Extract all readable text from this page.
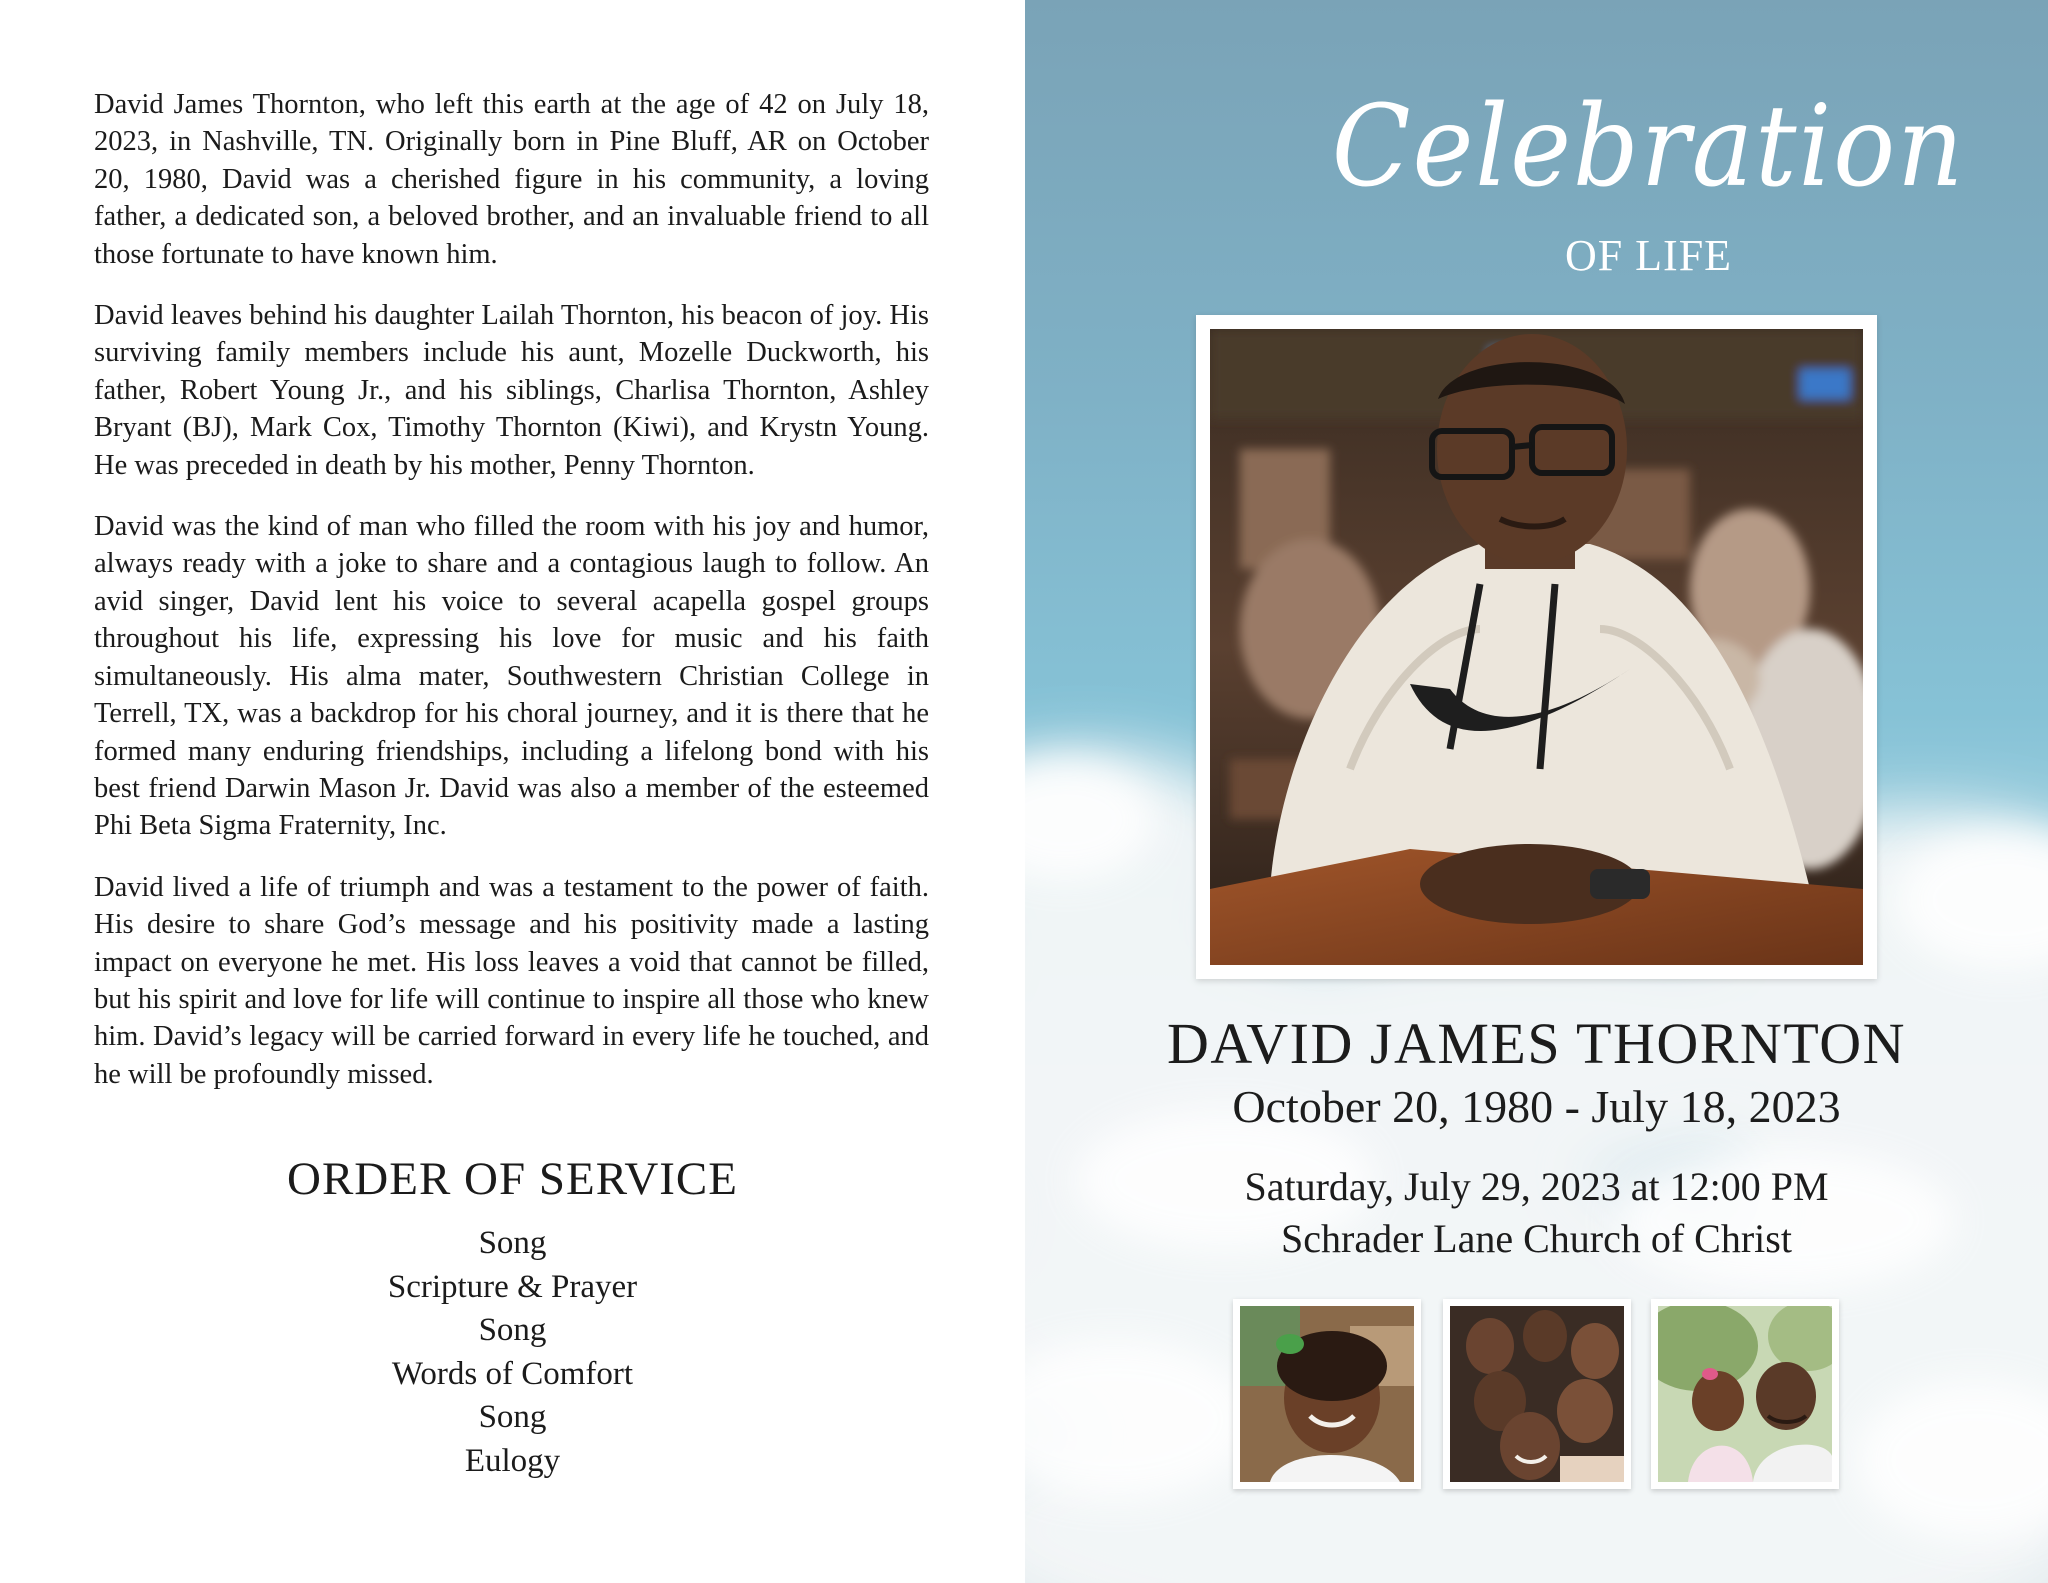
David James Thornton, who left this earth at the age of 42 on July 18, 2023, in Nashville, TN. Originally born in Pine Bluff, AR on October 20, 1980, David was a cherished figure in his community, a loving father, a dedicated son, a beloved brother, and an invaluable friend to all those fortunate to have known him.

David leaves behind his daughter Lailah Thornton, his beacon of joy. His surviving family members include his aunt, Mozelle Duckworth, his father, Robert Young Jr., and his siblings, Charlisa Thornton, Ashley Bryant (BJ), Mark Cox, Timothy Thornton (Kiwi), and Krystn Young. He was preceded in death by his mother, Penny Thornton.

David was the kind of man who filled the room with his joy and humor, always ready with a joke to share and a contagious laugh to follow. An avid singer, David lent his voice to several acapella gospel groups throughout his life, expressing his love for music and his faith simultaneously. His alma mater, Southwestern Christian College in Terrell, TX, was a backdrop for his choral journey, and it is there that he formed many enduring friendships, including a lifelong bond with his best friend Darwin Mason Jr. David was also a member of the esteemed Phi Beta Sigma Fraternity, Inc.

David lived a life of triumph and was a testament to the power of faith. His desire to share God’s message and his positivity made a lasting impact on everyone he met. His loss leaves a void that cannot be filled, but his spirit and love for life will continue to inspire all those who knew him. David’s legacy will be carried forward in every life he touched, and he will be profoundly missed.

ORDER OF SERVICE
Song
Scripture & Prayer
Song
Words of Comfort
Song
Eulogy
Celebration
OF LIFE
DAVID JAMES THORNTON
October 20, 1980 - July 18, 2023
Saturday, July 29, 2023 at 12:00 PM
Schrader Lane Church of Christ
